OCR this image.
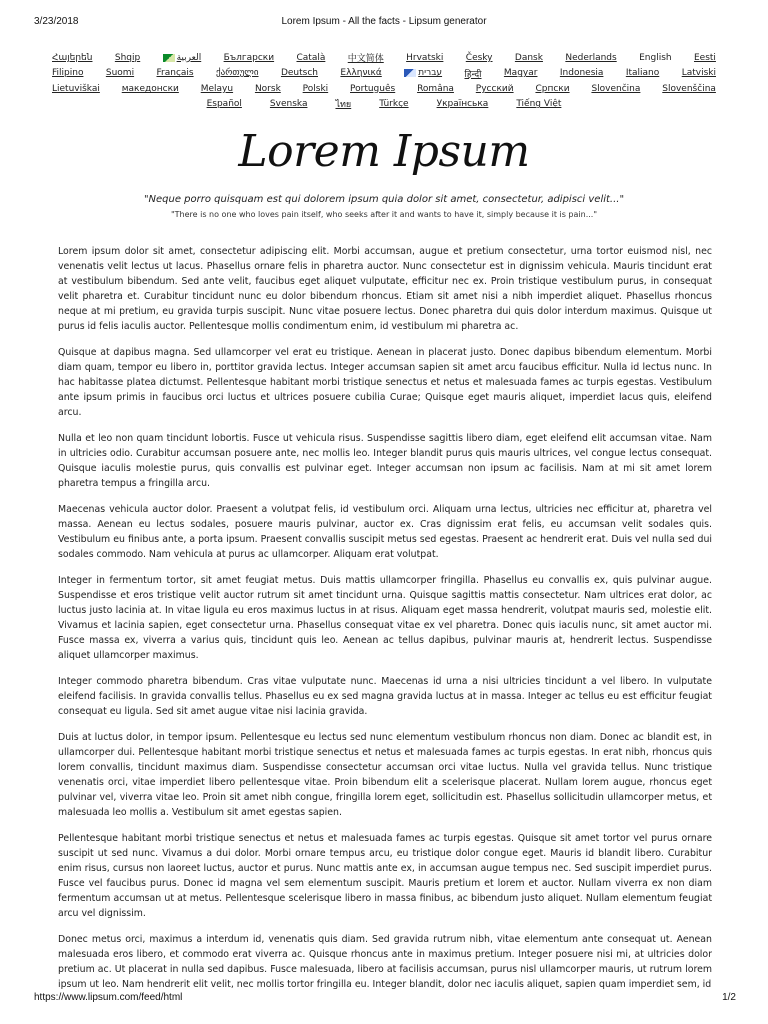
3/23/2018	Lorem Ipsum - All the facts - Lipsum generator
Հայերեն Shqip	العربية Български Català 中文简体 Hrvatski Česky Dansk Nederlands English Eesti
Filipino Suomi Français ქართული Deutsch Ελληνικά	עברית हिन्दी Magyar Indonesia Italiano Latviski
Lietuviškai македонски Melayu Norsk Polski Português Româna Pyccкий Српски Slovenčina Slovenščina
Español	Svenska	ไทย	Türkçe	Українська	Tiếng Việt
Lorem Ipsum
"Neque porro quisquam est qui dolorem ipsum quia dolor sit amet, consectetur, adipisci velit..."
"There is no one who loves pain itself, who seeks after it and wants to have it, simply because it is pain..."

Lorem ipsum dolor sit amet, consectetur adipiscing elit. Morbi accumsan, augue et pretium consectetur, urna tortor euismod nisl, nec venenatis velit lectus ut lacus. Phasellus ornare felis in pharetra auctor. Nunc consectetur est in dignissim vehicula. Mauris tincidunt erat at vestibulum bibendum. Sed ante velit, faucibus eget aliquet vulputate, efficitur nec ex. Proin tristique vestibulum purus, in consequat velit pharetra et. Curabitur tincidunt nunc eu dolor bibendum rhoncus. Etiam sit amet nisi a nibh imperdiet aliquet. Phasellus rhoncus neque at mi pretium, eu gravida turpis suscipit. Nunc vitae posuere lectus. Donec pharetra dui quis dolor interdum maximus. Quisque ut purus id felis iaculis auctor. Pellentesque mollis condimentum enim, id vestibulum mi pharetra ac.

Quisque at dapibus magna. Sed ullamcorper vel erat eu tristique. Aenean in placerat justo. Donec dapibus bibendum elementum. Morbi diam quam, tempor eu libero in, porttitor gravida lectus. Integer accumsan sapien sit amet arcu faucibus efficitur. Nulla id lectus nunc. In hac habitasse platea dictumst. Pellentesque habitant morbi tristique senectus et netus et malesuada fames ac turpis egestas. Vestibulum ante ipsum primis in faucibus orci luctus et ultrices posuere cubilia Curae; Quisque eget mauris aliquet, imperdiet lacus quis, eleifend arcu.

Nulla et leo non quam tincidunt lobortis. Fusce ut vehicula risus. Suspendisse sagittis libero diam, eget eleifend elit accumsan vitae. Nam in ultricies odio. Curabitur accumsan posuere ante, nec mollis leo. Integer blandit purus quis mauris ultrices, vel congue lectus consequat. Quisque iaculis molestie purus, quis convallis est pulvinar eget. Integer accumsan non ipsum ac facilisis. Nam at mi sit amet lorem pharetra tempus a fringilla arcu.

Maecenas vehicula auctor dolor. Praesent a volutpat felis, id vestibulum orci. Aliquam urna lectus, ultricies nec efficitur at, pharetra vel massa. Aenean eu lectus sodales, posuere mauris pulvinar, auctor ex. Cras dignissim erat felis, eu accumsan velit sodales quis. Vestibulum eu finibus ante, a porta ipsum. Praesent convallis suscipit metus sed egestas. Praesent ac hendrerit erat. Duis vel nulla sed dui sodales commodo. Nam vehicula at purus ac ullamcorper. Aliquam erat volutpat.

Integer in fermentum tortor, sit amet feugiat metus. Duis mattis ullamcorper fringilla. Phasellus eu convallis ex, quis pulvinar augue. Suspendisse et eros tristique velit auctor rutrum sit amet tincidunt urna. Quisque sagittis mattis consectetur. Nam ultrices erat dolor, ac luctus justo lacinia at. In vitae ligula eu eros maximus luctus in at risus. Aliquam eget massa hendrerit, volutpat mauris sed, molestie elit. Vivamus et lacinia sapien, eget consectetur urna. Phasellus consequat vitae ex vel pharetra. Donec quis iaculis nunc, sit amet auctor mi. Fusce massa ex, viverra a varius quis, tincidunt quis leo. Aenean ac tellus dapibus, pulvinar mauris at, hendrerit lectus. Suspendisse aliquet ullamcorper maximus.

Integer commodo pharetra bibendum. Cras vitae vulputate nunc. Maecenas id urna a nisi ultricies tincidunt a vel libero. In vulputate eleifend facilisis. In gravida convallis tellus. Phasellus eu ex sed magna gravida luctus at in massa. Integer ac tellus eu est efficitur feugiat consequat eu ligula. Sed sit amet augue vitae nisi lacinia gravida.

Duis at luctus dolor, in tempor ipsum. Pellentesque eu lectus sed nunc elementum vestibulum rhoncus non diam. Donec ac blandit est, in ullamcorper dui. Pellentesque habitant morbi tristique senectus et netus et malesuada fames ac turpis egestas. In erat nibh, rhoncus quis lorem convallis, tincidunt maximus diam. Suspendisse consectetur accumsan orci vitae luctus. Nulla vel gravida tellus. Nunc tristique venenatis orci, vitae imperdiet libero pellentesque vitae. Proin bibendum elit a scelerisque placerat. Nullam lorem augue, rhoncus eget pulvinar vel, viverra vitae leo. Proin sit amet nibh congue, fringilla lorem eget, sollicitudin est. Phasellus sollicitudin ullamcorper metus, et malesuada leo mollis a. Vestibulum sit amet egestas sapien.

Pellentesque habitant morbi tristique senectus et netus et malesuada fames ac turpis egestas. Quisque sit amet tortor vel purus ornare suscipit ut sed nunc. Vivamus a dui dolor. Morbi ornare tempus arcu, eu tristique dolor congue eget. Mauris id blandit libero. Curabitur enim risus, cursus non laoreet luctus, auctor et purus. Nunc mattis ante ex, in accumsan augue tempus nec. Sed suscipit imperdiet purus. Fusce vel faucibus purus. Donec id magna vel sem elementum suscipit. Mauris pretium et lorem et auctor. Nullam viverra ex non diam fermentum accumsan ut at metus. Pellentesque scelerisque libero in massa finibus, ac bibendum justo aliquet. Nullam elementum feugiat arcu vel dignissim.

Donec metus orci, maximus a interdum id, venenatis quis diam. Sed gravida rutrum nibh, vitae elementum ante consequat ut. Aenean malesuada eros libero, et commodo erat viverra ac. Quisque rhoncus ante in maximus pretium. Integer posuere nisi mi, at ultricies dolor pretium ac. Ut placerat in nulla sed dapibus. Fusce malesuada, libero at facilisis accumsan, purus nisl ullamcorper mauris, ut rutrum lorem ipsum ut leo. Nam hendrerit elit velit, nec mollis tortor fringilla eu. Integer blandit, dolor nec iaculis aliquet, sapien quam imperdiet sem, id

https://www.lipsum.com/feed/html	1/2
